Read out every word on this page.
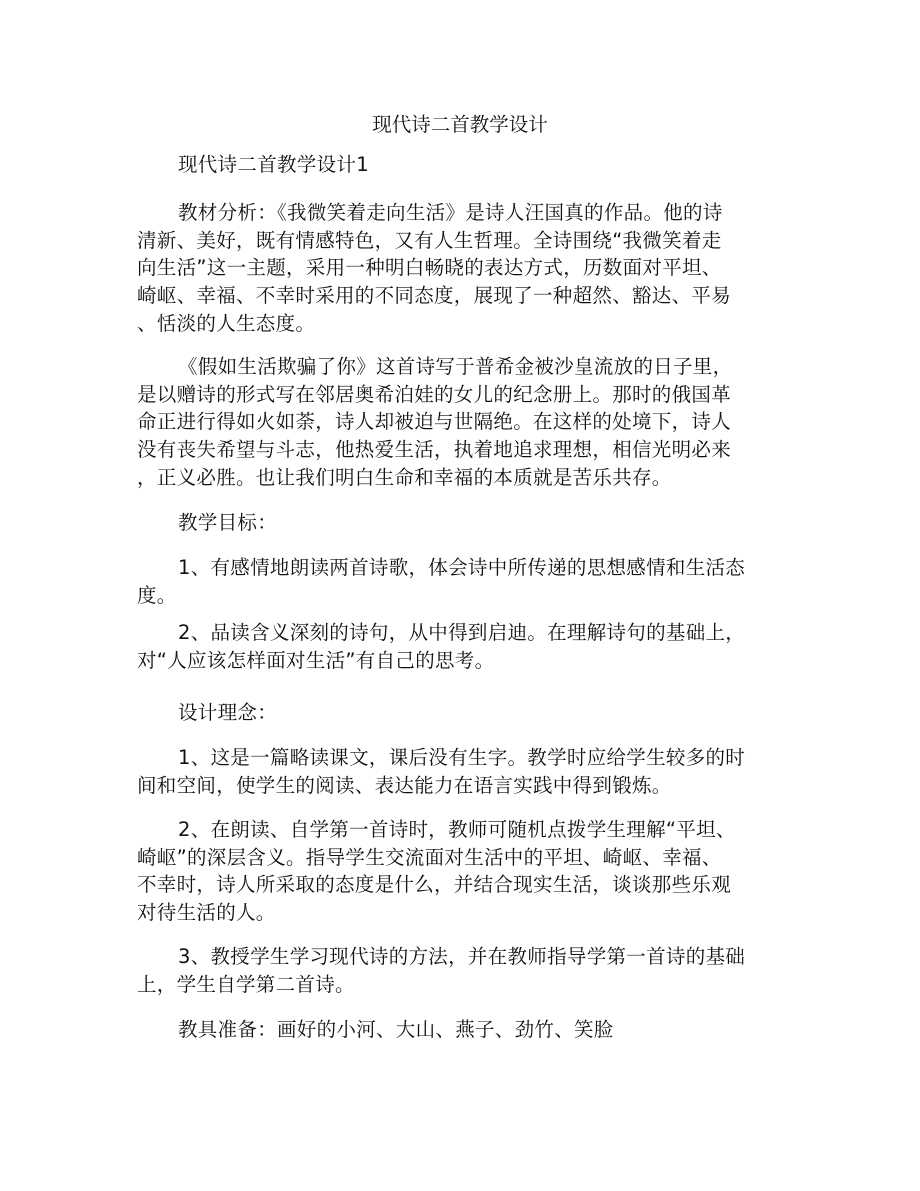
现代诗二首教学设计
现代诗二首教学设计1
教材分析：《我微笑着走向生活》是诗人汪国真的作品。他的诗
清新、美好，既有情感特色，又有人生哲理。全诗围绕“我微笑着走
向生活”这一主题，采用一种明白畅晓的表达方式，历数面对平坦、
崎岖、幸福、不幸时采用的不同态度，展现了一种超然、豁达、平易
、恬淡的人生态度。
《假如生活欺骗了你》这首诗写于普希金被沙皇流放的日子里，
是以赠诗的形式写在邻居奥希泊娃的女儿的纪念册上。那时的俄国革
命正进行得如火如荼，诗人却被迫与世隔绝。在这样的处境下，诗人
没有丧失希望与斗志，他热爱生活，执着地追求理想，相信光明必来
，正义必胜。也让我们明白生命和幸福的本质就是苦乐共存。
教学目标：
1、有感情地朗读两首诗歌，体会诗中所传递的思想感情和生活态
度。
2、品读含义深刻的诗句，从中得到启迪。在理解诗句的基础上，
对“人应该怎样面对生活”有自己的思考。
设计理念：
1、这是一篇略读课文，课后没有生字。教学时应给学生较多的时
间和空间，使学生的阅读、表达能力在语言实践中得到锻炼。
2、在朗读、自学第一首诗时，教师可随机点拨学生理解“平坦、
崎岖”的深层含义。指导学生交流面对生活中的平坦、崎岖、幸福、
不幸时，诗人所采取的态度是什么，并结合现实生活，谈谈那些乐观
对待生活的人。
3、教授学生学习现代诗的方法，并在教师指导学第一首诗的基础
上，学生自学第二首诗。
教具准备：画好的小河、大山、燕子、劲竹、笑脸
